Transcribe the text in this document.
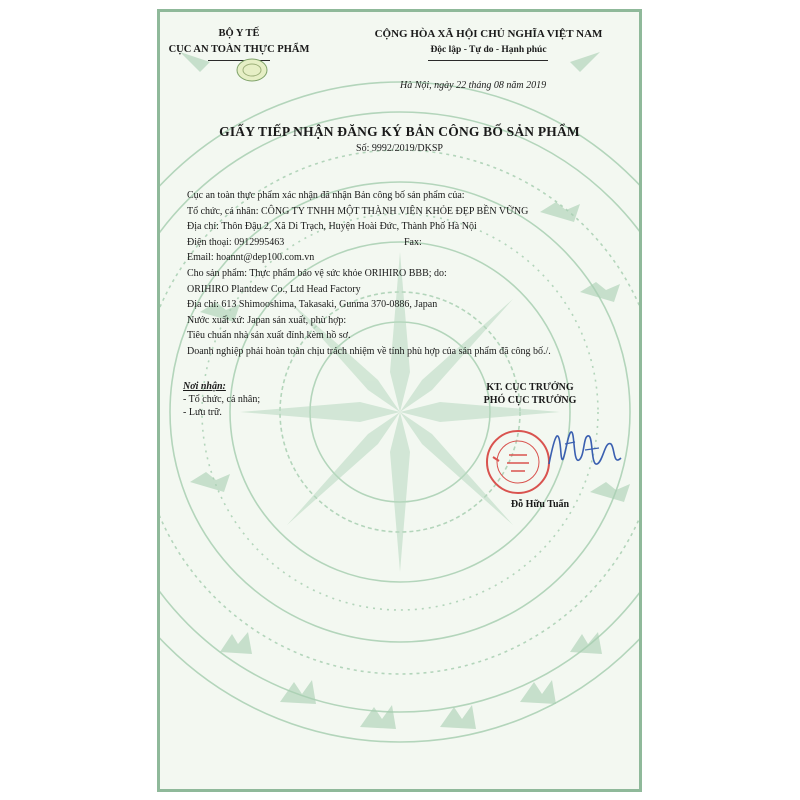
BỘ Y TẾ
CỤC AN TOÀN THỰC PHẨM
CỘNG HÒA XÃ HỘI CHỦ NGHĨA VIỆT NAM
Độc lập - Tự do - Hạnh phúc
Hà Nội, ngày 22 tháng 08 năm 2019
GIẤY TIẾP NHẬN ĐĂNG KÝ BẢN CÔNG BỐ SẢN PHẨM
Số: 9992/2019/DKSP
Cục an toàn thực phẩm xác nhận đã nhận Bản công bố sản phẩm của:
Tổ chức, cá nhân: CÔNG TY TNHH MỘT THÀNH VIÊN KHỎE ĐẸP BỀN VỮNG
Địa chỉ: Thôn Đậu 2, Xã Di Trạch, Huyện Hoài Đức, Thành Phố Hà Nội
Điện thoại: 0912995463	Fax:
Email: hoannt@dep100.com.vn
Cho sản phẩm: Thực phẩm bảo vệ sức khỏe ORIHIRO BBB; do:
ORIHIRO Plantdew Co., Ltd Head Factory
Địa chỉ: 613 Shimooshima, Takasaki, Gunma 370-0886, Japan
Nước xuất xứ: Japan sản xuất, phù hợp:
Tiêu chuẩn nhà sản xuất đính kèm hồ sơ.
Doanh nghiệp phải hoàn toàn chịu trách nhiệm về tính phù hợp của sản phẩm đã công bố./.
Nơi nhận:
- Tổ chức, cá nhân;
- Lưu trữ.
KT. CỤC TRƯỞNG
PHÓ CỤC TRƯỞNG
Đỗ Hữu Tuấn
